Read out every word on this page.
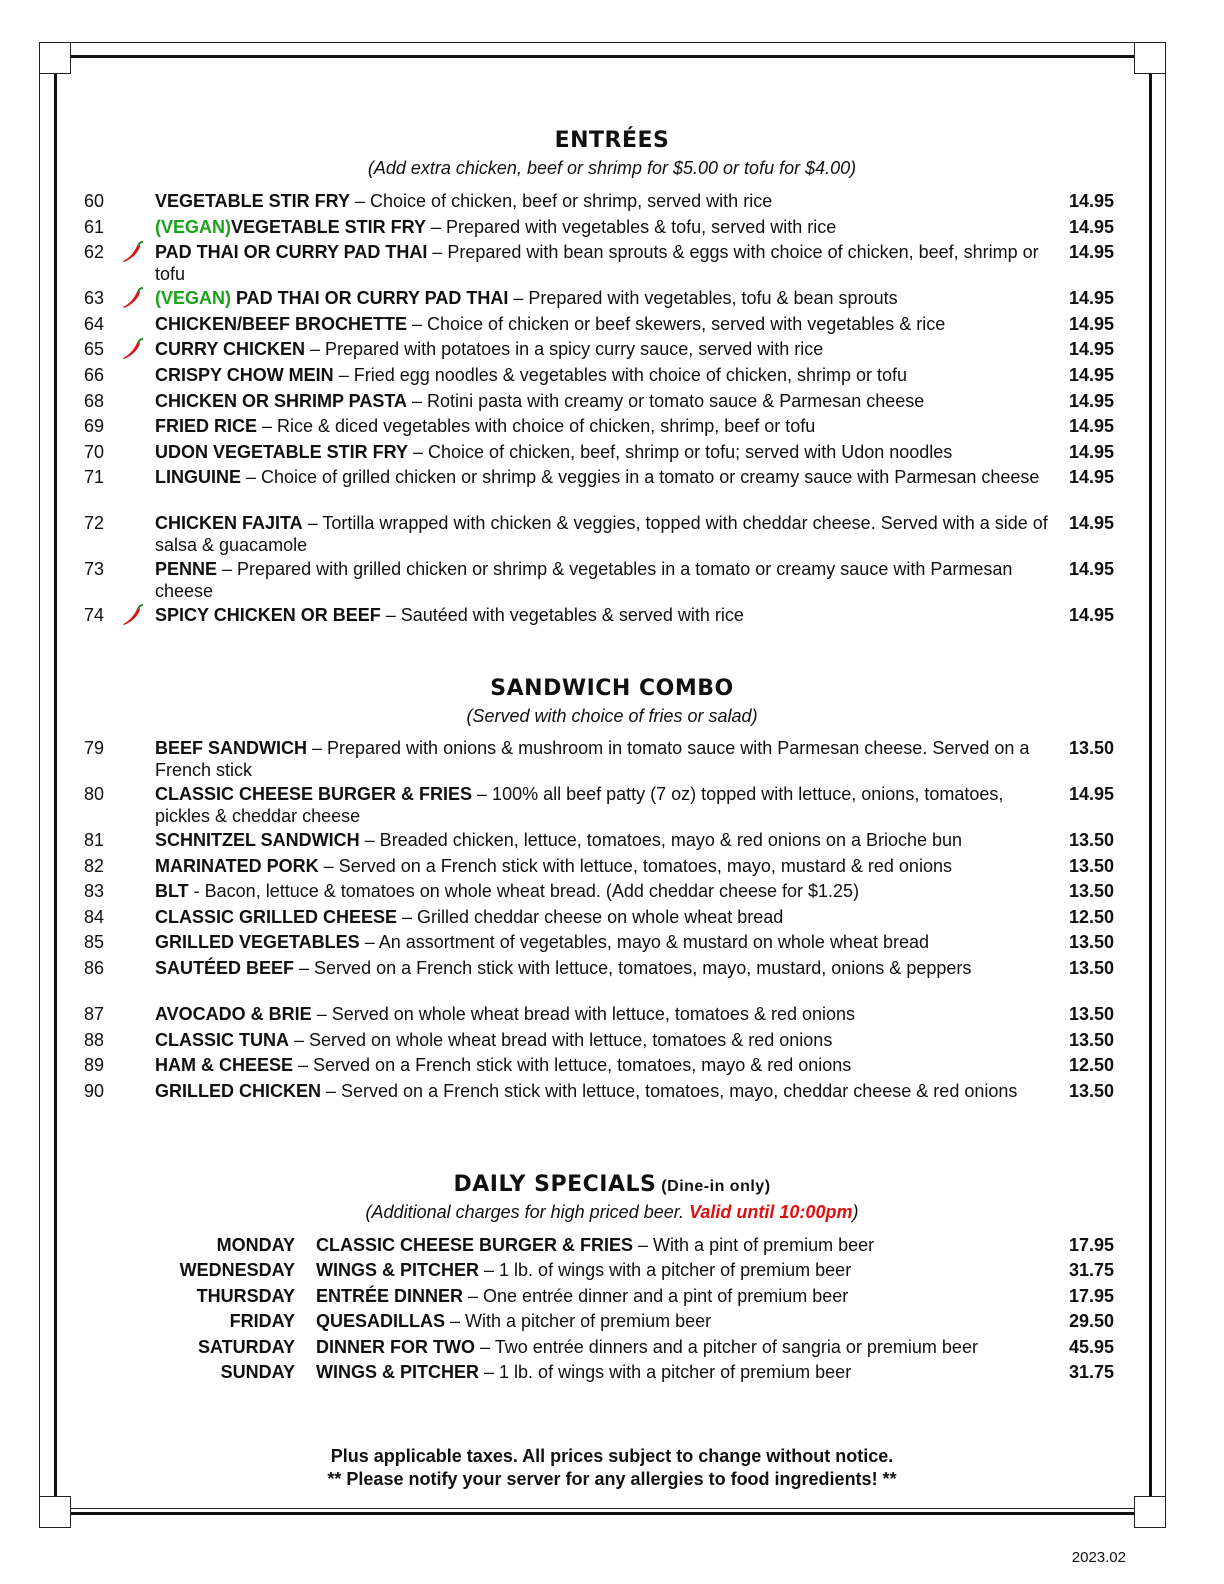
ENTRÉES
(Add extra chicken, beef or shrimp for $5.00 or tofu for $4.00)
60	VEGETABLE STIR FRY – Choice of chicken, beef or shrimp, served with rice	14.95
61	(VEGAN)VEGETABLE STIR FRY – Prepared with vegetables & tofu, served with rice	14.95
62	PAD THAI OR CURRY PAD THAI – Prepared with bean sprouts & eggs with choice of chicken, beef, shrimp or tofu
14.95
63	(VEGAN) PAD THAI OR CURRY PAD THAI – Prepared with vegetables, tofu & bean sprouts	14.95
64	CHICKEN/BEEF BROCHETTE – Choice of chicken or beef skewers, served with vegetables & rice	14.95
65	CURRY CHICKEN – Prepared with potatoes in a spicy curry sauce, served with rice	14.95
66	CRISPY CHOW MEIN – Fried egg noodles & vegetables with choice of chicken, shrimp or tofu	14.95
68	CHICKEN OR SHRIMP PASTA – Rotini pasta with creamy or tomato sauce & Parmesan cheese	14.95
69	FRIED RICE – Rice & diced vegetables with choice of chicken, shrimp, beef or tofu	14.95
70	UDON VEGETABLE STIR FRY – Choice of chicken, beef, shrimp or tofu; served with Udon noodles	14.95
71	LINGUINE – Choice of grilled chicken or shrimp & veggies in a tomato or creamy sauce with Parmesan cheese	14.95
72	CHICKEN FAJITA – Tortilla wrapped with chicken & veggies, topped with cheddar cheese. Served with a side of salsa & guacamole
14.95
73	PENNE – Prepared with grilled chicken or shrimp & vegetables in a tomato or creamy sauce with Parmesan cheese
14.95
74	SPICY CHICKEN OR BEEF – Sautéed with vegetables & served with rice	14.95
SANDWICH COMBO
(Served with choice of fries or salad)
79	BEEF SANDWICH – Prepared with onions & mushroom in tomato sauce with Parmesan cheese. Served on a French stick
13.50
80	CLASSIC CHEESE BURGER & FRIES – 100% all beef patty (7 oz) topped with lettuce, onions, tomatoes, pickles & cheddar cheese
14.95
81	SCHNITZEL SANDWICH – Breaded chicken, lettuce, tomatoes, mayo & red onions on a Brioche bun	13.50
82	MARINATED PORK – Served on a French stick with lettuce, tomatoes, mayo, mustard & red onions	13.50
83	BLT - Bacon, lettuce & tomatoes on whole wheat bread. (Add cheddar cheese for $1.25)	13.50
84	CLASSIC GRILLED CHEESE – Grilled cheddar cheese on whole wheat bread	12.50
85	GRILLED VEGETABLES – An assortment of vegetables, mayo & mustard on whole wheat bread	13.50
86	SAUTÉED BEEF – Served on a French stick with lettuce, tomatoes, mayo, mustard, onions & peppers	13.50
87	AVOCADO & BRIE – Served on whole wheat bread with lettuce, tomatoes & red onions	13.50
88	CLASSIC TUNA – Served on whole wheat bread with lettuce, tomatoes & red onions	13.50
89	HAM & CHEESE – Served on a French stick with lettuce, tomatoes, mayo & red onions	12.50
90	GRILLED CHICKEN – Served on a French stick with lettuce, tomatoes, mayo, cheddar cheese & red onions	13.50
DAILY SPECIALS (Dine-in only)
(Additional charges for high priced beer. Valid until 10:00pm)
MONDAY CLASSIC CHEESE BURGER & FRIES – With a pint of premium beer	17.95
WEDNESDAY WINGS & PITCHER – 1 lb. of wings with a pitcher of premium beer	31.75
THURSDAY ENTRÉE DINNER – One entrée dinner and a pint of premium beer	17.95
FRIDAY QUESADILLAS – With a pitcher of premium beer	29.50
SATURDAY DINNER FOR TWO – Two entrée dinners and a pitcher of sangria or premium beer	45.95
SUNDAY WINGS & PITCHER – 1 lb. of wings with a pitcher of premium beer	31.75
Plus applicable taxes. All prices subject to change without notice.
** Please notify your server for any allergies to food ingredients! **
2023.02
